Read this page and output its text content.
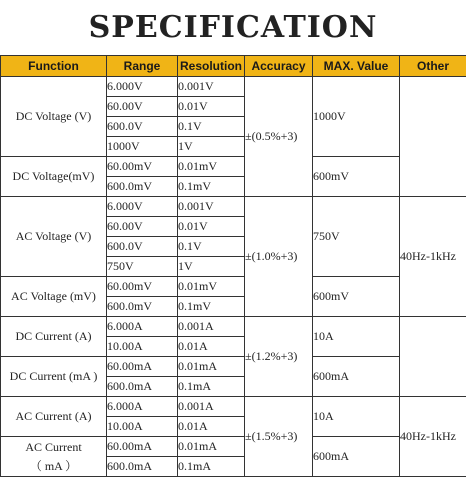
SPECIFICATION
Function	Range	Resolution	Accuracy	MAX. Value	Other
DC Voltage (V)	6.000V	0.001V	±(0.5%+3)	1000V	
	60.00V	0.01V			
	600.0V	0.1V			
	1000V	1V			
DC Voltage(mV)	60.00mV	0.01mV		600mV	
	600.0mV	0.1mV			
AC Voltage (V)	6.000V	0.001V	±(1.0%+3)	750V	40Hz-1kHz
	60.00V	0.01V			
	600.0V	0.1V			
	750V	1V			
AC Voltage (mV)	60.00mV	0.01mV		600mV	
	600.0mV	0.1mV			
DC Current (A)	6.000A	0.001A	±(1.2%+3)	10A	
	10.00A	0.01A			
DC Current (mA )	60.00mA	0.01mA		600mA	
	600.0mA	0.1mA			
AC Current (A)	6.000A	0.001A	±(1.5%+3)	10A	40Hz-1kHz
	10.00A	0.01A			
AC Current
（ mA ）	60.00mA	0.01mA		600mA	
	600.0mA	0.1mA			
